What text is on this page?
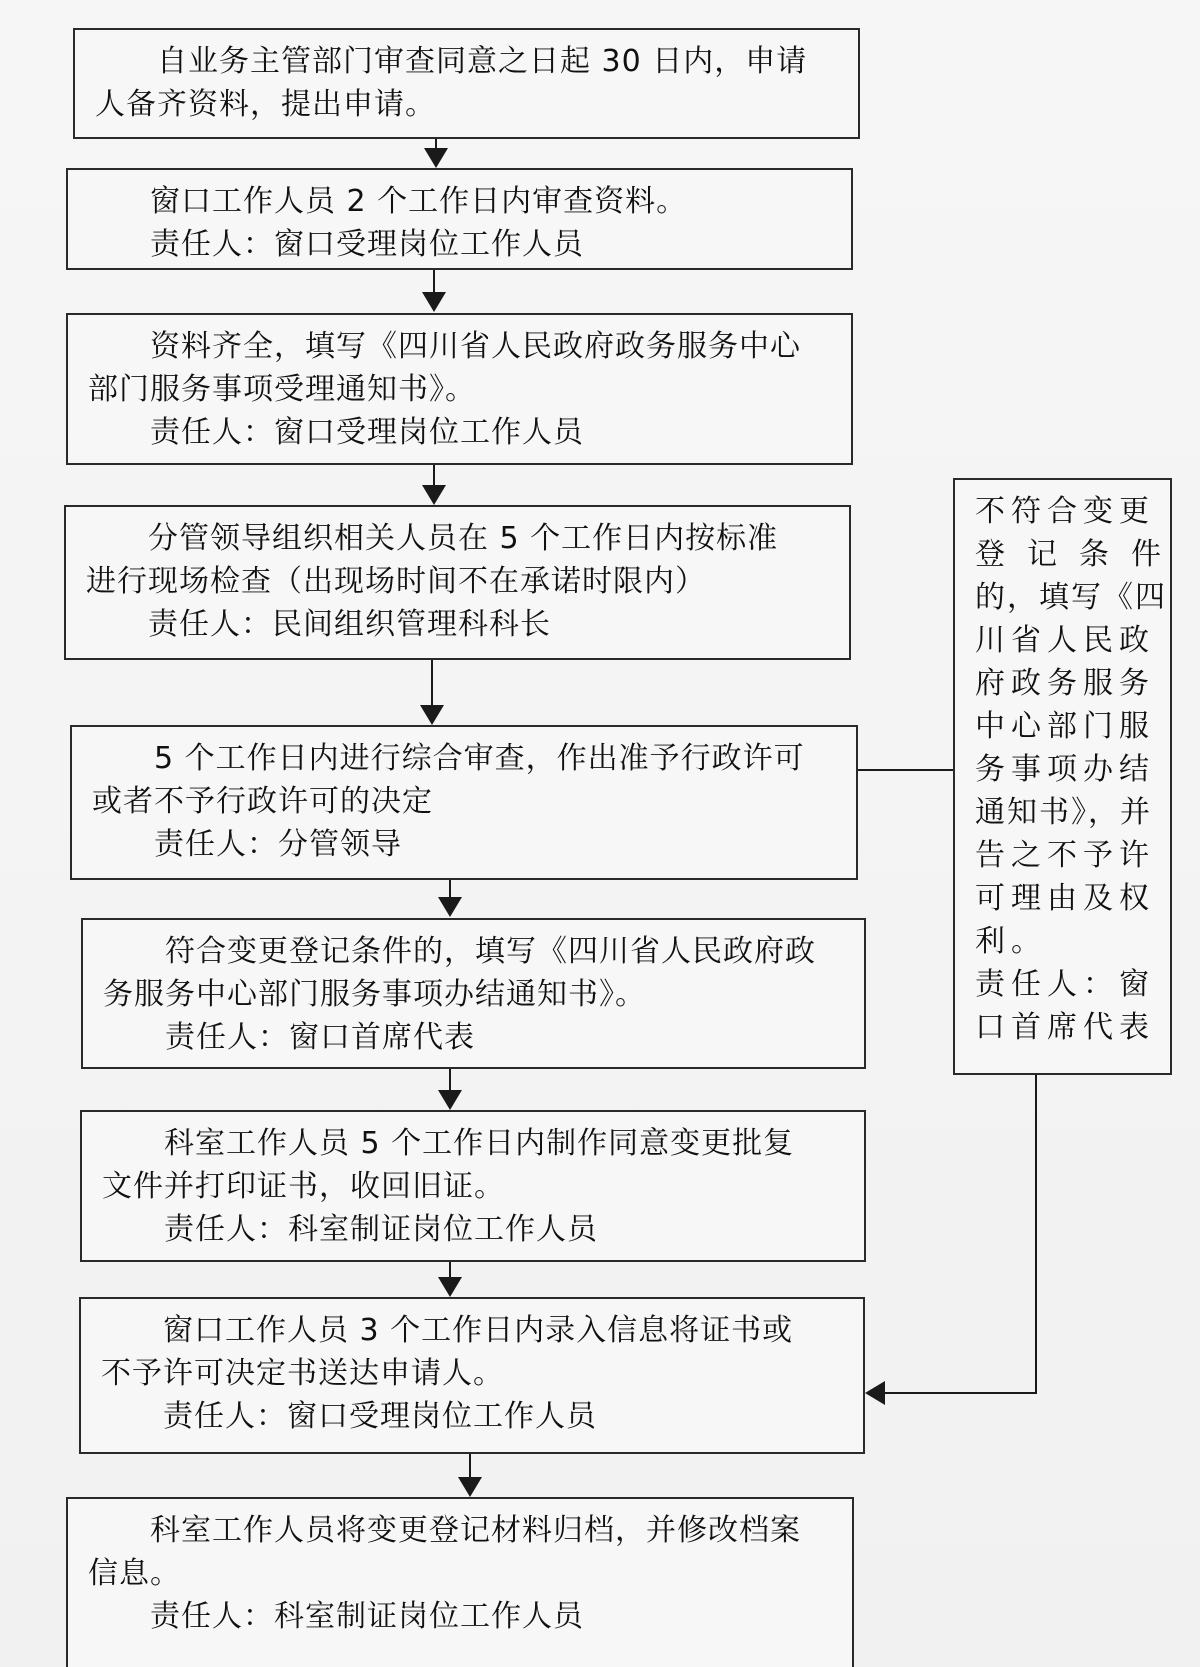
自业务主管部门审查同意之日起 30 日内，申请
人备齐资料，提出申请。
窗口工作人员 2 个工作日内审查资料。
责任人：窗口受理岗位工作人员
资料齐全，填写《四川省人民政府政务服务中心
部门服务事项受理通知书》。
责任人：窗口受理岗位工作人员
分管领导组织相关人员在 5 个工作日内按标准
进行现场检查（出现场时间不在承诺时限内）
责任人：民间组织管理科科长
5 个工作日内进行综合审查，作出准予行政许可
或者不予行政许可的决定
责任人：分管领导
符合变更登记条件的，填写《四川省人民政府政
务服务中心部门服务事项办结通知书》。
责任人：窗口首席代表
科室工作人员 5 个工作日内制作同意变更批复
文件并打印证书，收回旧证。
责任人：科室制证岗位工作人员
窗口工作人员 3 个工作日内录入信息将证书或
不予许可决定书送达申请人。
责任人：窗口受理岗位工作人员
科室工作人员将变更登记材料归档，并修改档案
信息。
责任人：科室制证岗位工作人员
不符合变更
登记条件
的，填写《四
川省人民政
府政务服务
中心部门服
务事项办结
通知书》，并
告之不予许
可理由及权
利。
责任人：窗
口首席代表
